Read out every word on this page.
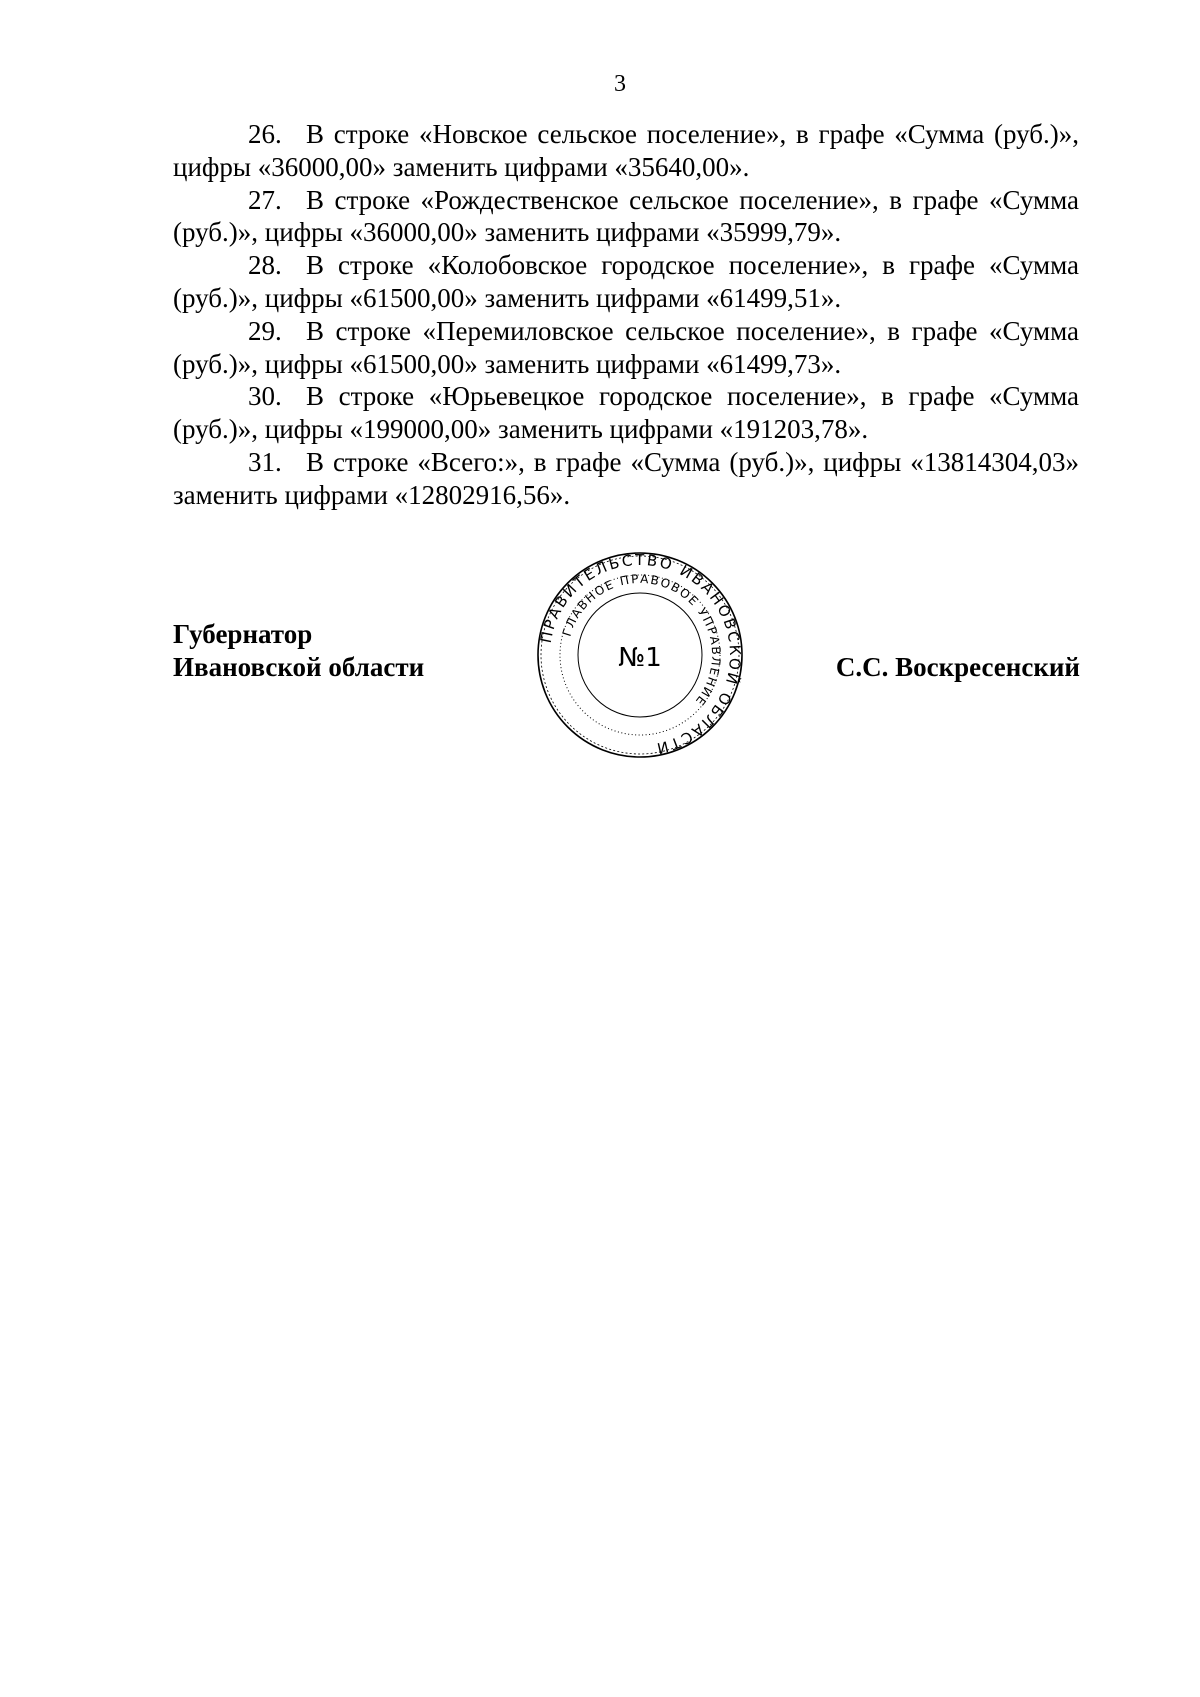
3

26. В строке «Новское сельское поселение», в графе «Сумма (руб.)», цифры «36000,00» заменить цифрами «35640,00».

27. В строке «Рождественское сельское поселение», в графе «Сумма (руб.)», цифры «36000,00» заменить цифрами «35999,79».

28. В строке «Колобовское городское поселение», в графе «Сумма (руб.)», цифры «61500,00» заменить цифрами «61499,51».

29. В строке «Перемиловское сельское поселение», в графе «Сумма (руб.)», цифры «61500,00» заменить цифрами «61499,73».

30. В строке «Юрьевецкое городское поселение», в графе «Сумма (руб.)», цифры «199000,00» заменить цифрами «191203,78».

31. В строке «Всего:», в графе «Сумма (руб.)», цифры «13814304,03» заменить цифрами «12802916,56».

Губернатор
Ивановской области
ПРАВИТЕЛЬСТВО ИВАНОВСКОЙ ОБЛАСТИ
ГЛАВНОЕ ПРАВОВОЕ УПРАВЛЕНИЕ
№1	С.С. Воскресенский
